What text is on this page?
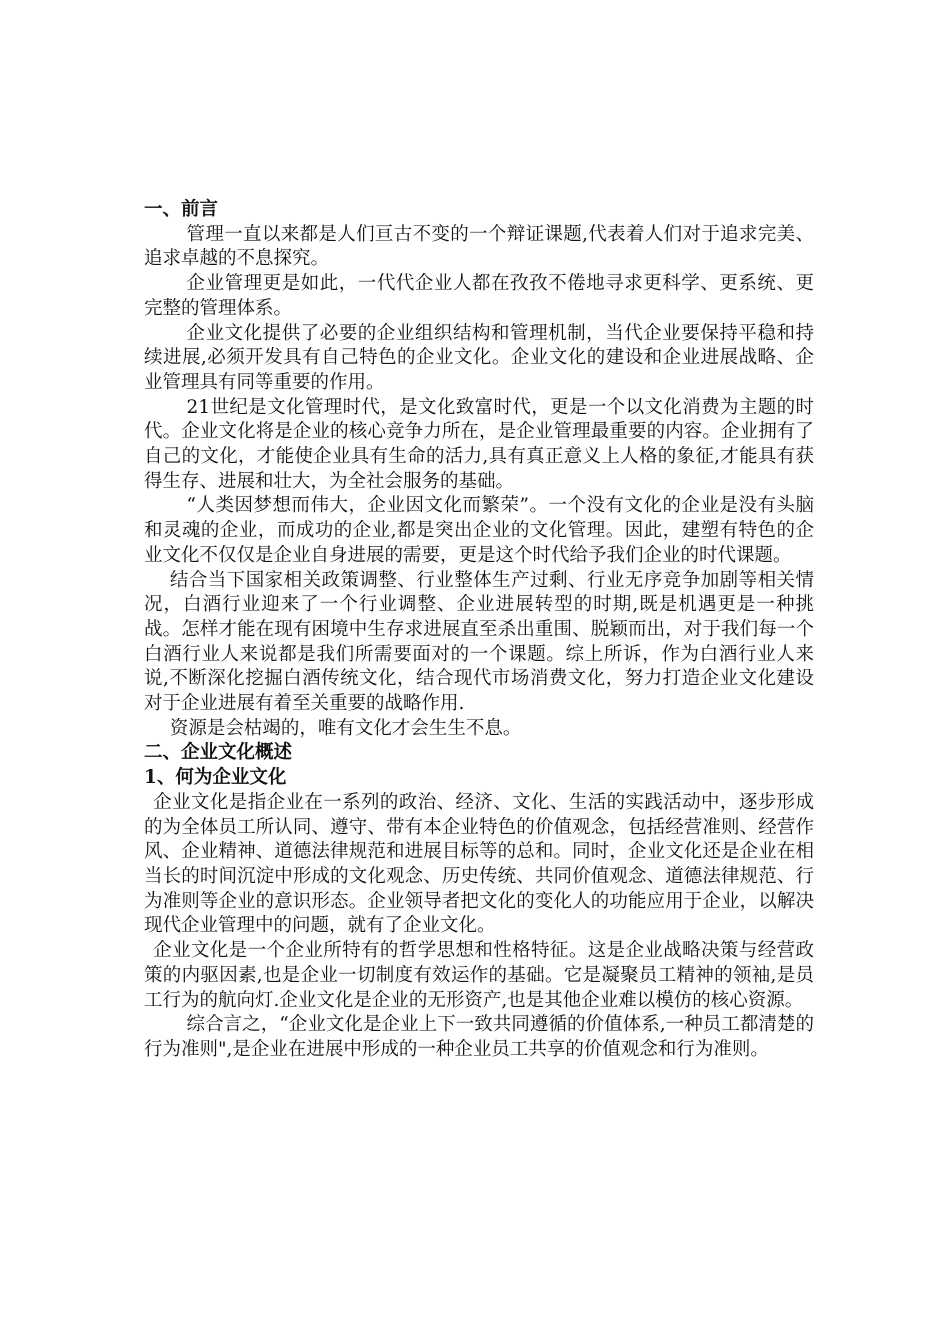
一、前言

管理一直以来都是人们亘古不变的一个辩证课题,代表着人们对于追求完美、追求卓越的不息探究。

企业管理更是如此，一代代企业人都在孜孜不倦地寻求更科学、更系统、更完整的管理体系。

企业文化提供了必要的企业组织结构和管理机制，当代企业要保持平稳和持续进展,必须开发具有自己特色的企业文化。企业文化的建设和企业进展战略、企业管理具有同等重要的作用。

21世纪是文化管理时代，是文化致富时代，更是一个以文化消费为主题的时代。企业文化将是企业的核心竞争力所在，是企业管理最重要的内容。企业拥有了自己的文化，才能使企业具有生命的活力,具有真正意义上人格的象征,才能具有获得生存、进展和壮大，为全社会服务的基础。

“人类因梦想而伟大，企业因文化而繁荣”。一个没有文化的企业是没有头脑和灵魂的企业，而成功的企业,都是突出企业的文化管理。因此，建塑有特色的企业文化不仅仅是企业自身进展的需要，更是这个时代给予我们企业的时代课题。

结合当下国家相关政策调整、行业整体生产过剩、行业无序竞争加剧等相关情况，白酒行业迎来了一个行业调整、企业进展转型的时期,既是机遇更是一种挑战。怎样才能在现有困境中生存求进展直至杀出重围、脱颖而出，对于我们每一个白酒行业人来说都是我们所需要面对的一个课题。综上所诉，作为白酒行业人来说,不断深化挖掘白酒传统文化，结合现代市场消费文化，努力打造企业文化建设对于企业进展有着至关重要的战略作用.

资源是会枯竭的，唯有文化才会生生不息。

二、企业文化概述

1、何为企业文化

企业文化是指企业在一系列的政治、经济、文化、生活的实践活动中，逐步形成的为全体员工所认同、遵守、带有本企业特色的价值观念，包括经营准则、经营作风、企业精神、道德法律规范和进展目标等的总和。同时，企业文化还是企业在相当长的时间沉淀中形成的文化观念、历史传统、共同价值观念、道德法律规范、行为准则等企业的意识形态。企业领导者把文化的变化人的功能应用于企业，以解决现代企业管理中的问题，就有了企业文化。

企业文化是一个企业所特有的哲学思想和性格特征。这是企业战略决策与经营政策的内驱因素,也是企业一切制度有效运作的基础。它是凝聚员工精神的领袖,是员工行为的航向灯.企业文化是企业的无形资产,也是其他企业难以模仿的核心资源。

综合言之，“企业文化是企业上下一致共同遵循的价值体系,一种员工都清楚的行为准则",是企业在进展中形成的一种企业员工共享的价值观念和行为准则。
